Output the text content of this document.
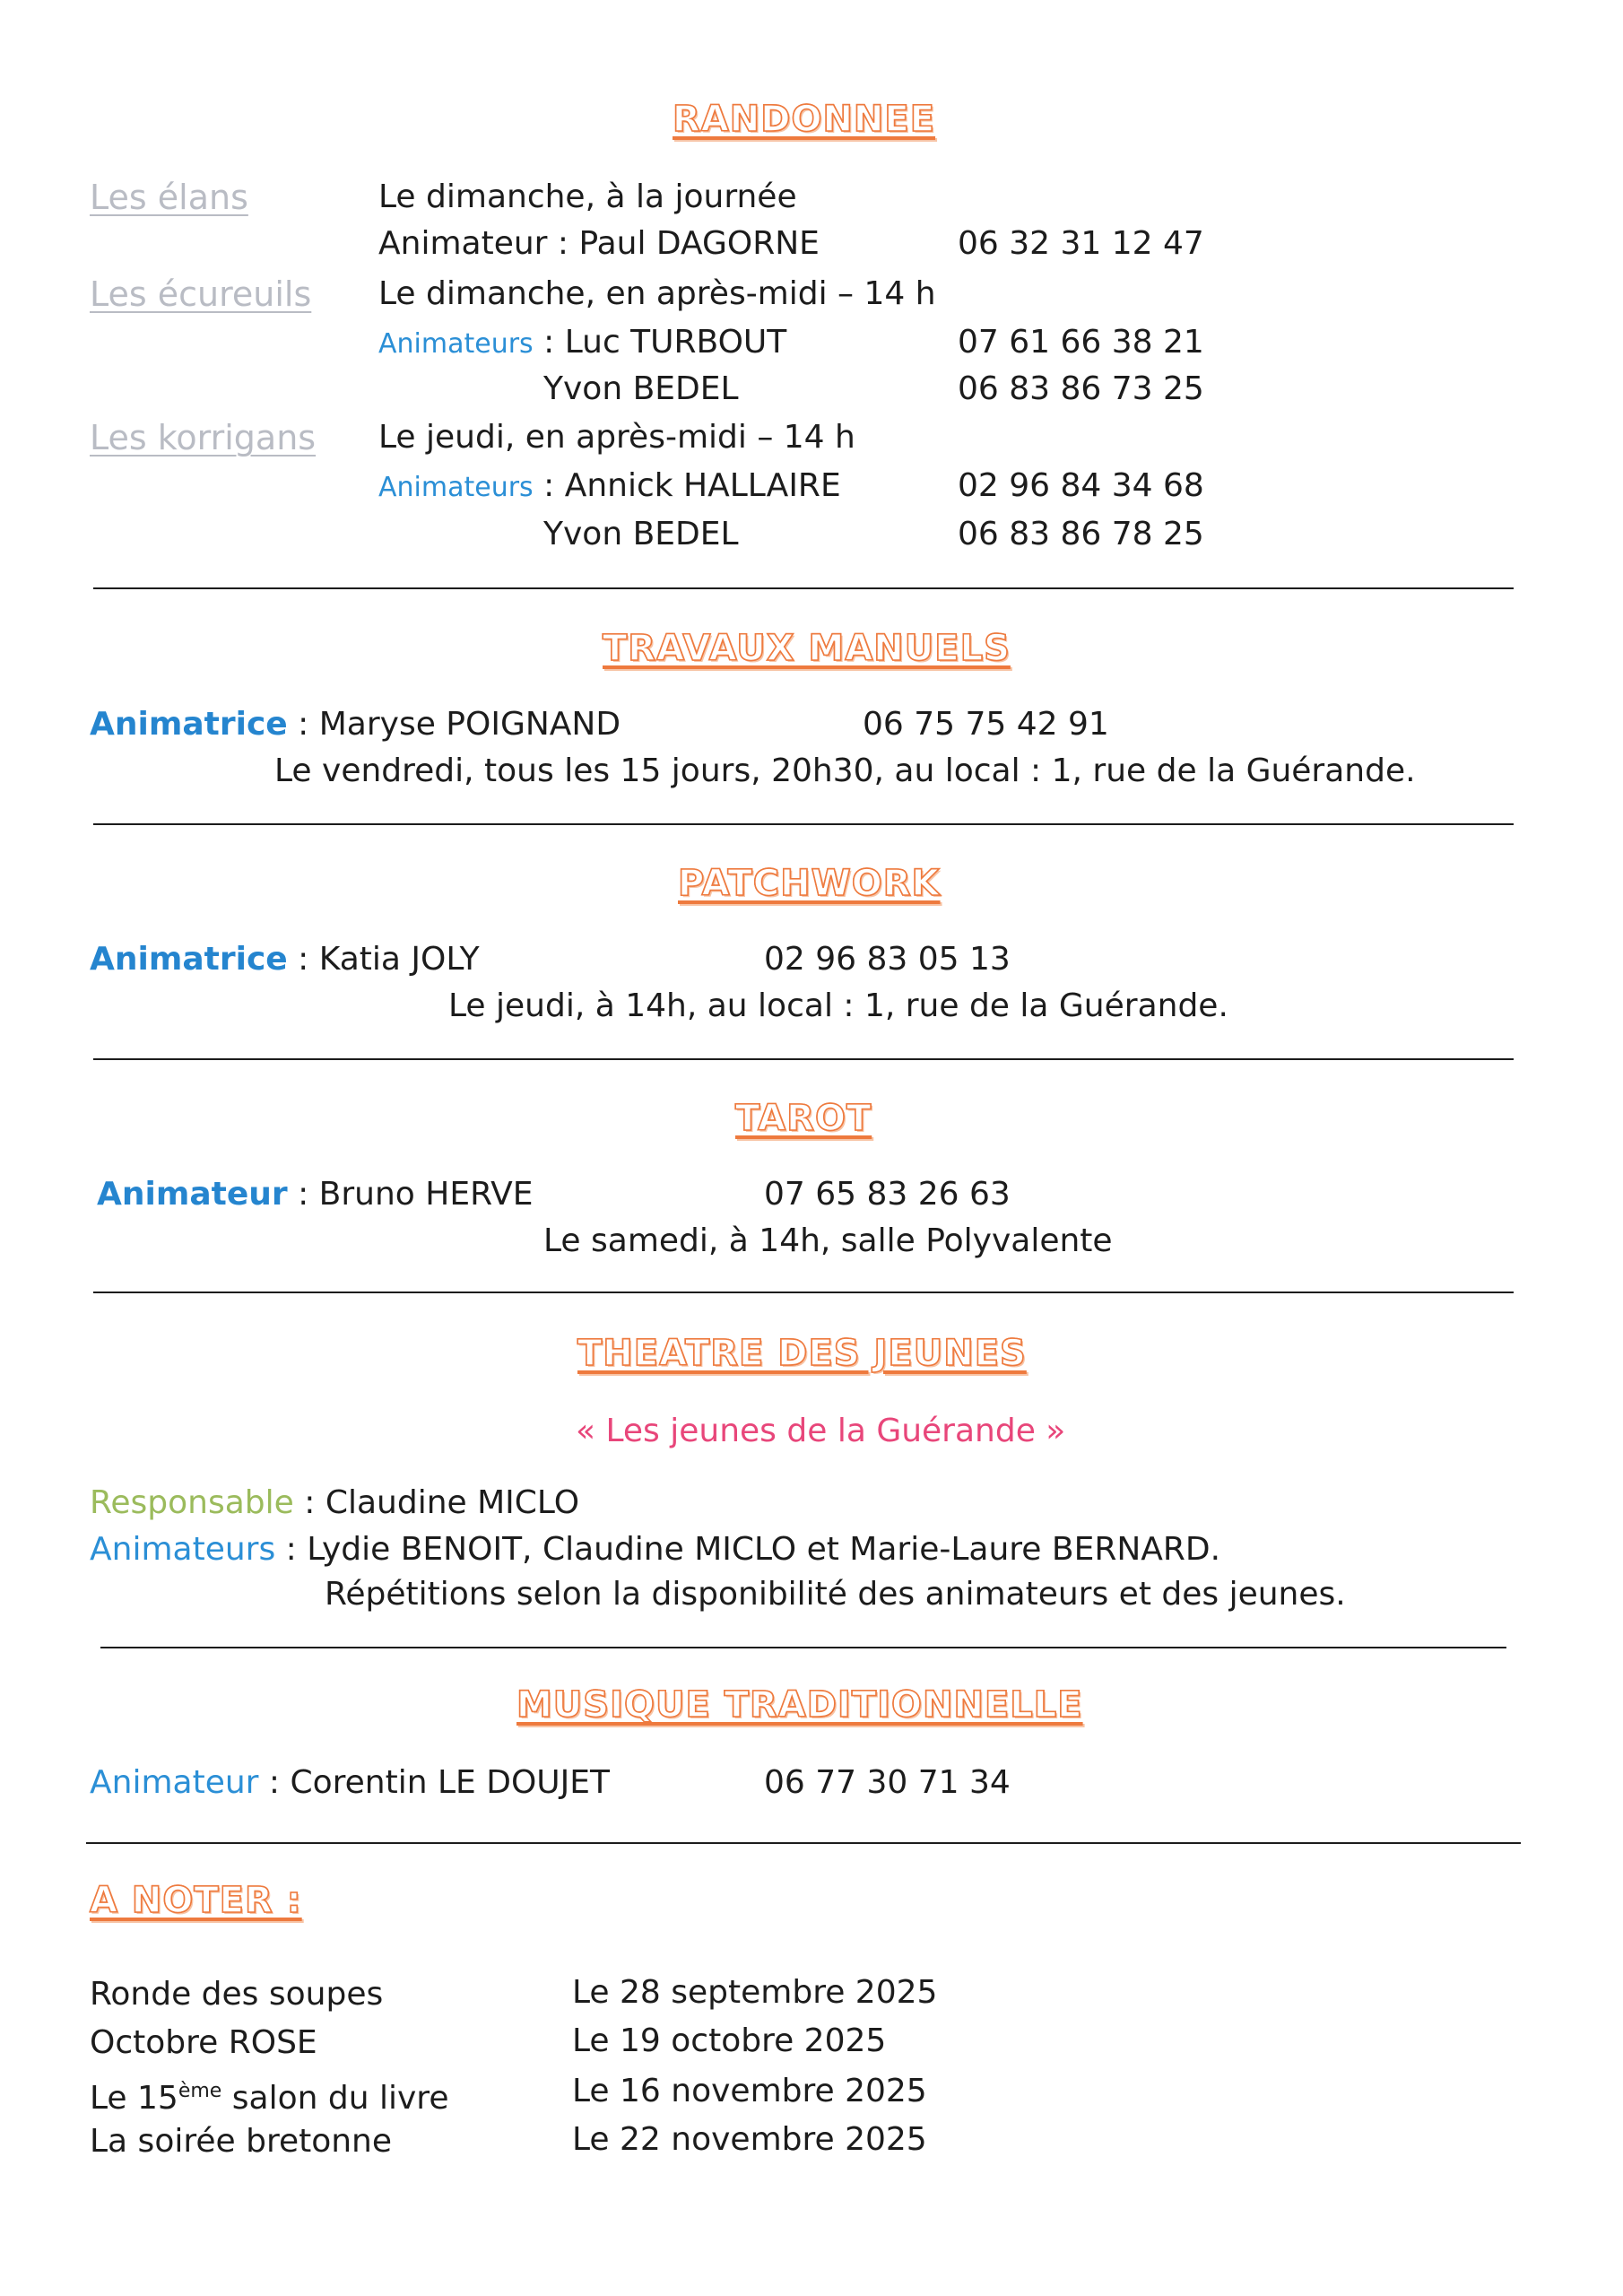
RANDONNEE
Les élans	Le dimanche, à la journée
Animateur : Paul DAGORNE	06 32 31 12 47
Les écureuils Le dimanche, en après-midi – 14 h
Animateurs : Luc TURBOUT	07 61 66 38 21
Yvon BEDEL	06 83 86 73 25
Les korrigans Le jeudi, en après-midi – 14 h
Animateurs : Annick HALLAIRE	02 96 84 34 68
Yvon BEDEL	06 83 86 78 25
TRAVAUX MANUELS
Animatrice : Maryse POIGNAND	06 75 75 42 91
Le vendredi, tous les 15 jours, 20h30, au local : 1, rue de la Guérande.
PATCHWORK
Animatrice : Katia JOLY	02 96 83 05 13
Le jeudi, à 14h, au local : 1, rue de la Guérande.
TAROT
Animateur : Bruno HERVE	07 65 83 26 63
Le samedi, à 14h, salle Polyvalente
THEATRE DES JEUNES
« Les jeunes de la Guérande »
Responsable : Claudine MICLO
Animateurs : Lydie BENOIT, Claudine MICLO et Marie-Laure BERNARD.
Répétitions selon la disponibilité des animateurs et des jeunes.
MUSIQUE TRADITIONNELLE
Animateur : Corentin LE DOUJET	06 77 30 71 34
A NOTER :
Ronde des soupes	Le 28 septembre 2025
Octobre ROSE	Le 19 octobre 2025
Le 15ème salon du livre	Le 16 novembre 2025
La soirée bretonne	Le 22 novembre 2025
